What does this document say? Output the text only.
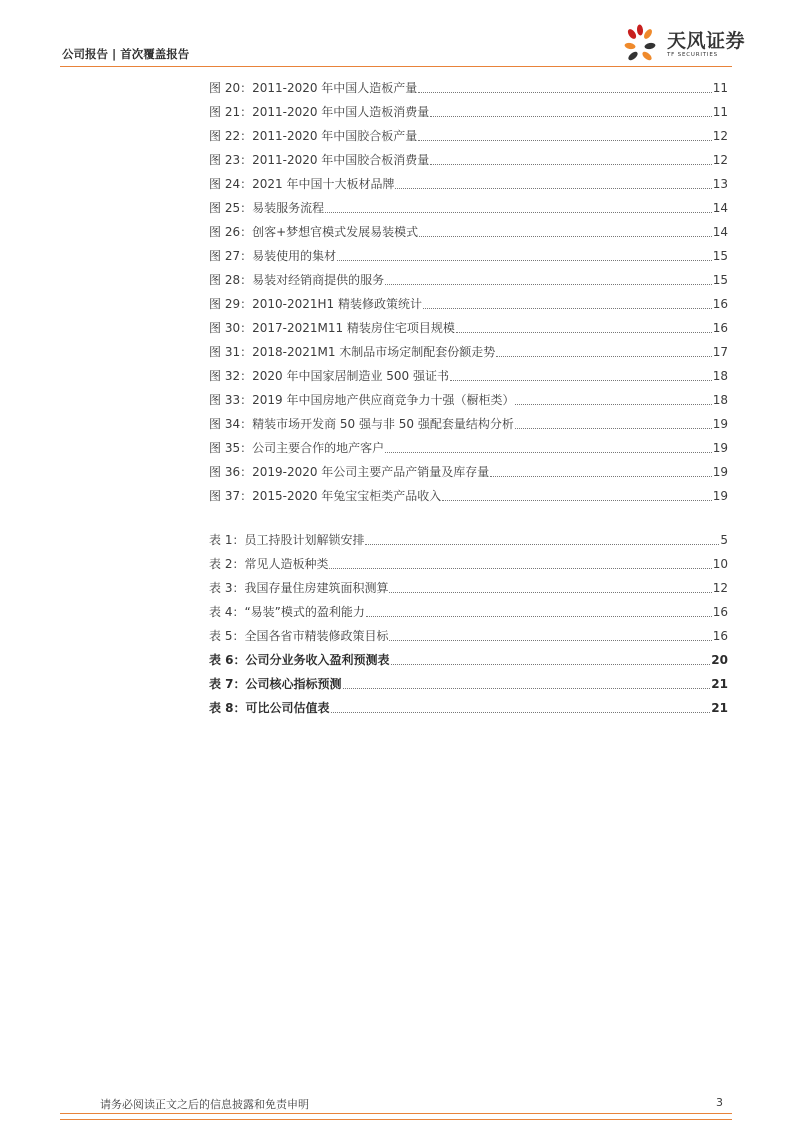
公司报告 | 首次覆盖报告
天风证券
TF SECURITIES
图 20：2011-2020 年中国人造板产量	11
图 21：2011-2020 年中国人造板消费量	11
图 22：2011-2020 年中国胶合板产量	12
图 23：2011-2020 年中国胶合板消费量	12
图 24：2021 年中国十大板材品牌	13
图 25：易装服务流程	14
图 26：创客+梦想官模式发展易装模式	14
图 27：易装使用的集材	15
图 28：易装对经销商提供的服务	15
图 29：2010-2021H1 精装修政策统计	16
图 30：2017-2021M11 精装房住宅项目规模	16
图 31：2018-2021M1 木制品市场定制配套份额走势	17
图 32：2020 年中国家居制造业 500 强证书	18
图 33：2019 年中国房地产供应商竞争力十强（橱柜类）	18
图 34：精装市场开发商 50 强与非 50 强配套量结构分析	19
图 35：公司主要合作的地产客户	19
图 36：2019-2020 年公司主要产品产销量及库存量	19
图 37：2015-2020 年兔宝宝柜类产品收入	19
表 1：员工持股计划解锁安排	5
表 2：常见人造板种类	10
表 3：我国存量住房建筑面积测算	12
表 4：“易装”模式的盈利能力	16
表 5：全国各省市精装修政策目标	16
表 6：公司分业务收入盈利预测表	20
表 7：公司核心指标预测	21
表 8：可比公司估值表	21
请务必阅读正文之后的信息披露和免责申明	3
